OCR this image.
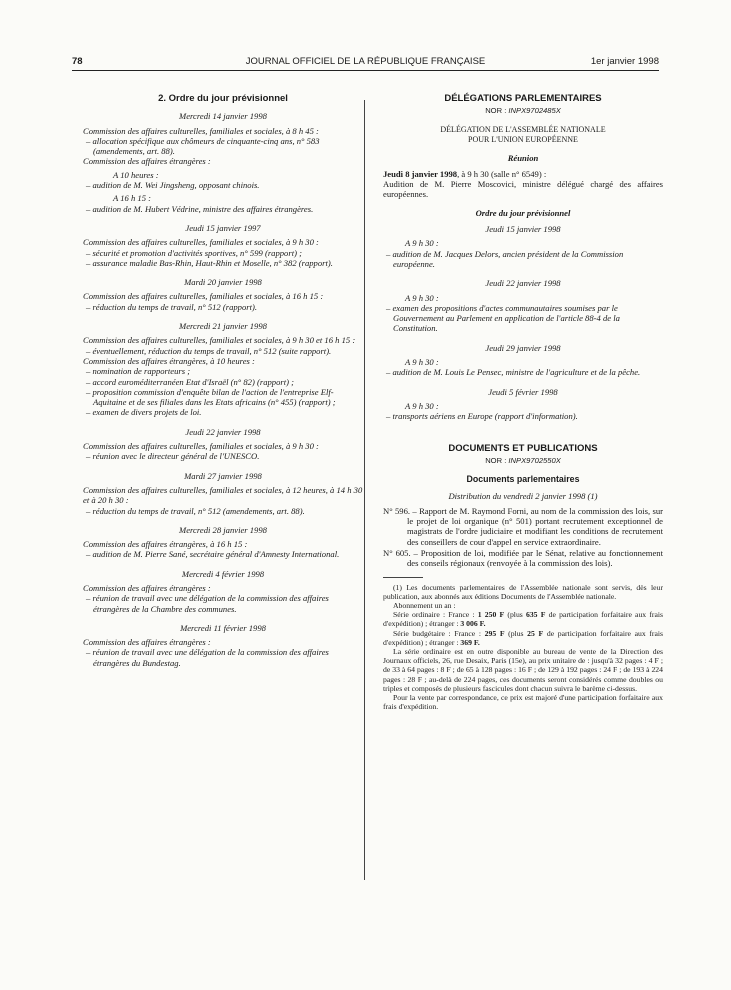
78	JOURNAL OFFICIEL DE LA RÉPUBLIQUE FRANÇAISE	1er janvier 1998
2. Ordre du jour prévisionnel
Mercredi 14 janvier 1998

Commission des affaires culturelles, familiales et sociales, à 8 h 45 :

– allocation spécifique aux chômeurs de cinquante-cinq ans, n° 583 (amendements, art. 88).

Commission des affaires étrangères :

A 10 heures :

– audition de M. Wei Jingsheng, opposant chinois.

A 16 h 15 :

– audition de M. Hubert Védrine, ministre des affaires étrangères.

Jeudi 15 janvier 1997

Commission des affaires culturelles, familiales et sociales, à 9 h 30 :

– sécurité et promotion d'activités sportives, n° 599 (rapport) ;

– assurance maladie Bas-Rhin, Haut-Rhin et Moselle, n° 382 (rapport).

Mardi 20 janvier 1998

Commission des affaires culturelles, familiales et sociales, à 16 h 15 :

– réduction du temps de travail, n° 512 (rapport).

Mercredi 21 janvier 1998

Commission des affaires culturelles, familiales et sociales, à 9 h 30 et 16 h 15 :

– éventuellement, réduction du temps de travail, n° 512 (suite rapport).

Commission des affaires étrangères, à 10 heures :

– nomination de rapporteurs ;

– accord euroméditerranéen Etat d'Israël (n° 82) (rapport) ;

– proposition commission d'enquête bilan de l'action de l'entreprise Elf-Aquitaine et de ses filiales dans les Etats africains (n° 455) (rapport) ;

– examen de divers projets de loi.

Jeudi 22 janvier 1998

Commission des affaires culturelles, familiales et sociales, à 9 h 30 :

– réunion avec le directeur général de l'UNESCO.

Mardi 27 janvier 1998

Commission des affaires culturelles, familiales et sociales, à 12 heures, à 14 h 30 et à 20 h 30 :

– réduction du temps de travail, n° 512 (amendements, art. 88).

Mercredi 28 janvier 1998

Commission des affaires étrangères, à 16 h 15 :

– audition de M. Pierre Sané, secrétaire général d'Amnesty International.

Mercredi 4 février 1998

Commission des affaires étrangères :

– réunion de travail avec une délégation de la commission des affaires étrangères de la Chambre des communes.

Mercredi 11 février 1998

Commission des affaires étrangères :

– réunion de travail avec une délégation de la commission des affaires étrangères du Bundestag.

DÉLÉGATIONS PARLEMENTAIRES
NOR : INPX9702485X
DÉLÉGATION DE L'ASSEMBLÉE NATIONALE
POUR L'UNION EUROPÉENNE
Réunion

Jeudi 8 janvier 1998, à 9 h 30 (salle n° 6549) :

Audition de M. Pierre Moscovici, ministre délégué chargé des affaires européennes.

Ordre du jour prévisionnel
Jeudi 15 janvier 1998

A 9 h 30 :

– audition de M. Jacques Delors, ancien président de la Commission européenne.

Jeudi 22 janvier 1998

A 9 h 30 :

– examen des propositions d'actes communautaires soumises par le Gouvernement au Parlement en application de l'article 88-4 de la Constitution.

Jeudi 29 janvier 1998

A 9 h 30 :

– audition de M. Louis Le Pensec, ministre de l'agriculture et de la pêche.

Jeudi 5 février 1998

A 9 h 30 :

– transports aériens en Europe (rapport d'information).

DOCUMENTS ET PUBLICATIONS
NOR : INPX9702550X
Documents parlementaires
Distribution du vendredi 2 janvier 1998 (1)

N° 596. – Rapport de M. Raymond Forni, au nom de la commission des lois, sur le projet de loi organique (n° 501) portant recrutement exceptionnel de magistrats de l'ordre judiciaire et modifiant les conditions de recrutement des conseillers de cour d'appel en service extraordinaire.

N° 605. – Proposition de loi, modifiée par le Sénat, relative au fonctionnement des conseils régionaux (renvoyée à la commission des lois).

(1) Les documents parlementaires de l'Assemblée nationale sont servis, dès leur publication, aux abonnés aux éditions Documents de l'Assemblée nationale.

Abonnement un an :

Série ordinaire : France : 1 250 F (plus 635 F de participation forfaitaire aux frais d'expédition) ; étranger : 3 006 F.

Série budgétaire : France : 295 F (plus 25 F de participation forfaitaire aux frais d'expédition) ; étranger : 369 F.

La série ordinaire est en outre disponible au bureau de vente de la Direction des Journaux officiels, 26, rue Desaix, Paris (15e), au prix unitaire de : jusqu'à 32 pages : 4 F ; de 33 à 64 pages : 8 F ; de 65 à 128 pages : 16 F ; de 129 à 192 pages : 24 F ; de 193 à 224 pages : 28 F ; au-delà de 224 pages, ces documents seront considérés comme doubles ou triples et composés de plusieurs fascicules dont chacun suivra le barème ci-dessus.

Pour la vente par correspondance, ce prix est majoré d'une participation forfaitaire aux frais d'expédition.
